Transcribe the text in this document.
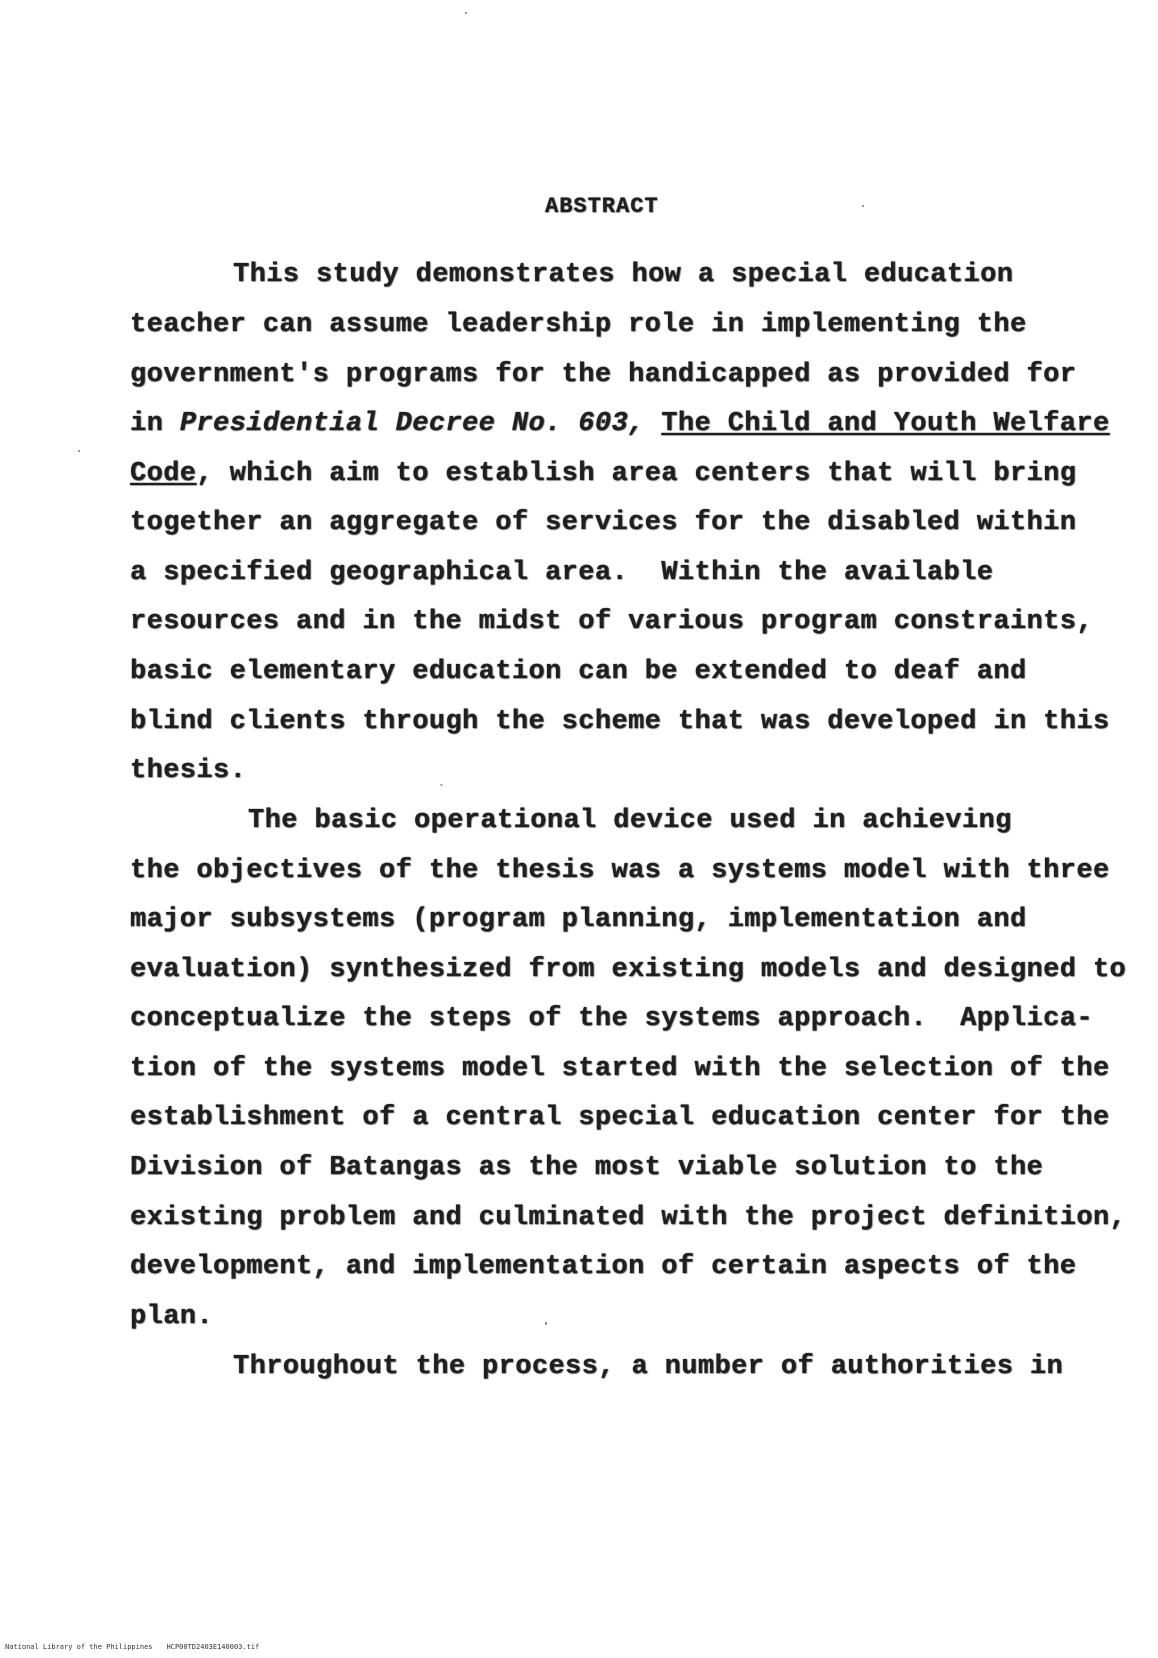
ABSTRACT
This study demonstrates how a special education
teacher can assume leadership role in implementing the
government's programs for the handicapped as provided for
in Presidential Decree No. 603, The Child and Youth Welfare
Code, which aim to establish area centers that will bring
together an aggregate of services for the disabled within
a specified geographical area.  Within the available
resources and in the midst of various program constraints,
basic elementary education can be extended to deaf and
blind clients through the scheme that was developed in this
thesis.
The basic operational device used in achieving
the objectives of the thesis was a systems model with three
major subsystems (program planning, implementation and
evaluation) synthesized from existing models and designed to
conceptualize the steps of the systems approach.  Applica-
tion of the systems model started with the selection of the
establishment of a central special education center for the
Division of Batangas as the most viable solution to the
existing problem and culminated with the project definition,
development, and implementation of certain aspects of the
plan.
Throughout the process, a number of authorities in
National Library of the Philippines HCP00TD2403E140003.tif
